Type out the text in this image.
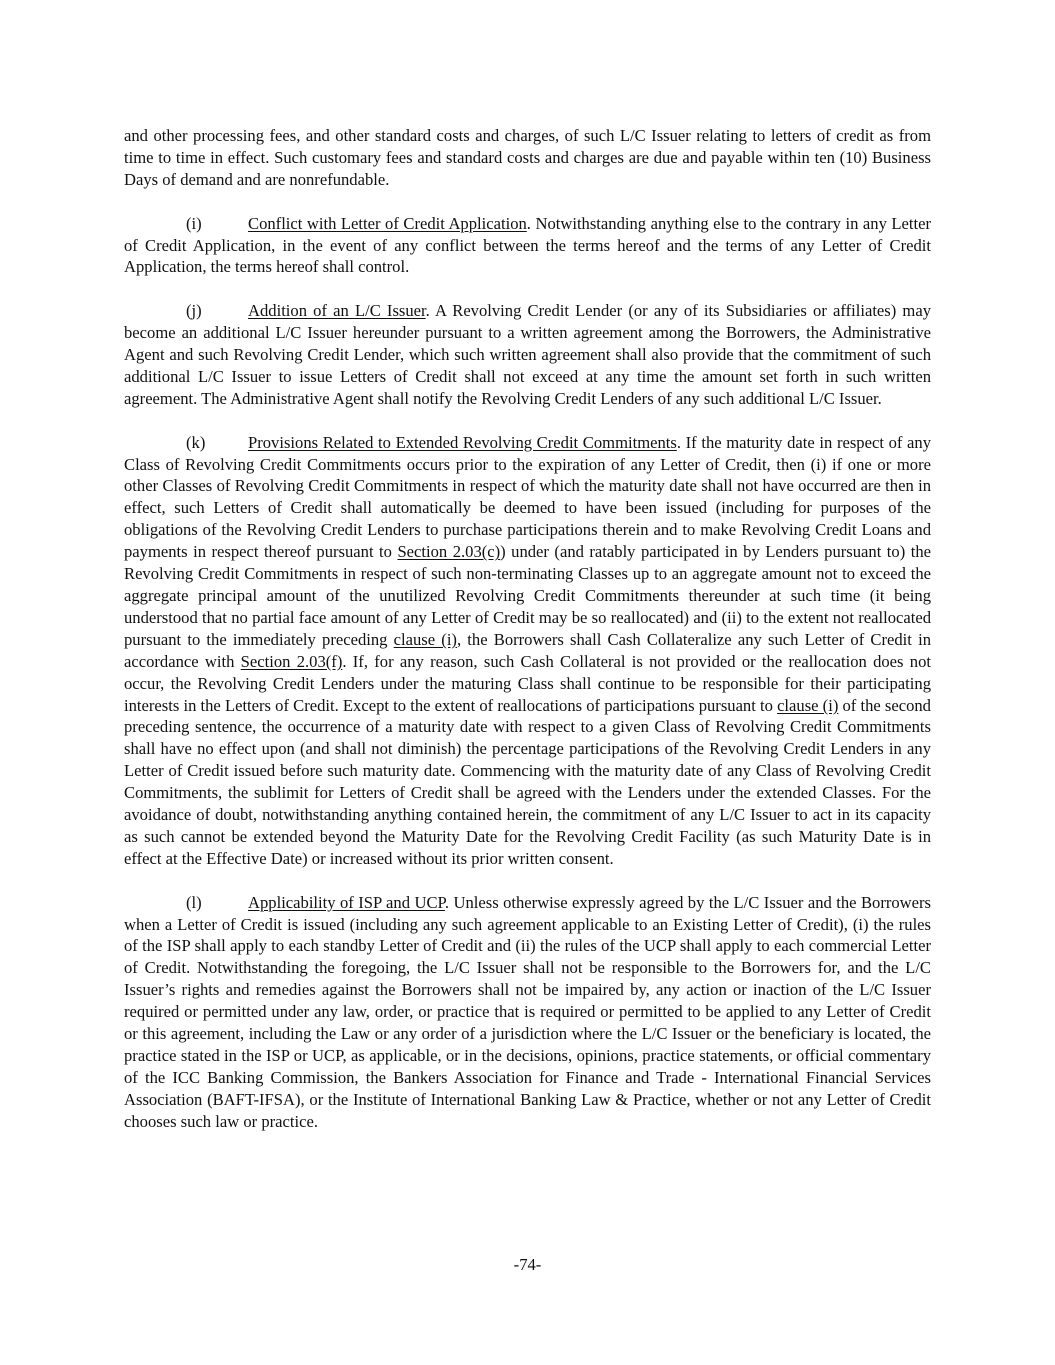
and other processing fees, and other standard costs and charges, of such L/C Issuer relating to letters of credit as from time to time in effect. Such customary fees and standard costs and charges are due and payable within ten (10) Business Days of demand and are nonrefundable.

(i)	Conflict with Letter of Credit Application. Notwithstanding anything else to the contrary in any Letter of Credit Application, in the event of any conflict between the terms hereof and the terms of any Letter of Credit Application, the terms hereof shall control.

(j)	Addition of an L/C Issuer. A Revolving Credit Lender (or any of its Subsidiaries or affiliates) may become an additional L/C Issuer hereunder pursuant to a written agreement among the Borrowers, the Administrative Agent and such Revolving Credit Lender, which such written agreement shall also provide that the commitment of such additional L/C Issuer to issue Letters of Credit shall not exceed at any time the amount set forth in such written agreement. The Administrative Agent shall notify the Revolving Credit Lenders of any such additional L/C Issuer.

(k)	Provisions Related to Extended Revolving Credit Commitments. If the maturity date in respect of any Class of Revolving Credit Commitments occurs prior to the expiration of any Letter of Credit, then (i) if one or more other Classes of Revolving Credit Commitments in respect of which the maturity date shall not have occurred are then in effect, such Letters of Credit shall automatically be deemed to have been issued (including for purposes of the obligations of the Revolving Credit Lenders to purchase participations therein and to make Revolving Credit Loans and payments in respect thereof pursuant to Section 2.03(c)) under (and ratably participated in by Lenders pursuant to) the Revolving Credit Commitments in respect of such non-terminating Classes up to an aggregate amount not to exceed the aggregate principal amount of the unutilized Revolving Credit Commitments thereunder at such time (it being understood that no partial face amount of any Letter of Credit may be so reallocated) and (ii) to the extent not reallocated pursuant to the immediately preceding clause (i), the Borrowers shall Cash Collateralize any such Letter of Credit in accordance with Section 2.03(f). If, for any reason, such Cash Collateral is not provided or the reallocation does not occur, the Revolving Credit Lenders under the maturing Class shall continue to be responsible for their participating interests in the Letters of Credit. Except to the extent of reallocations of participations pursuant to clause (i) of the second preceding sentence, the occurrence of a maturity date with respect to a given Class of Revolving Credit Commitments shall have no effect upon (and shall not diminish) the percentage participations of the Revolving Credit Lenders in any Letter of Credit issued before such maturity date. Commencing with the maturity date of any Class of Revolving Credit Commitments, the sublimit for Letters of Credit shall be agreed with the Lenders under the extended Classes. For the avoidance of doubt, notwithstanding anything contained herein, the commitment of any L/C Issuer to act in its capacity as such cannot be extended beyond the Maturity Date for the Revolving Credit Facility (as such Maturity Date is in effect at the Effective Date) or increased without its prior written consent.

(l)	Applicability of ISP and UCP. Unless otherwise expressly agreed by the L/C Issuer and the Borrowers when a Letter of Credit is issued (including any such agreement applicable to an Existing Letter of Credit), (i) the rules of the ISP shall apply to each standby Letter of Credit and (ii) the rules of the UCP shall apply to each commercial Letter of Credit. Notwithstanding the foregoing, the L/C Issuer shall not be responsible to the Borrowers for, and the L/C Issuer’s rights and remedies against the Borrowers shall not be impaired by, any action or inaction of the L/C Issuer required or permitted under any law, order, or practice that is required or permitted to be applied to any Letter of Credit or this agreement, including the Law or any order of a jurisdiction where the L/C Issuer or the beneficiary is located, the practice stated in the ISP or UCP, as applicable, or in the decisions, opinions, practice statements, or official commentary of the ICC Banking Commission, the Bankers Association for Finance and Trade - International Financial Services Association (BAFT-IFSA), or the Institute of International Banking Law & Practice, whether or not any Letter of Credit chooses such law or practice.

-74-
